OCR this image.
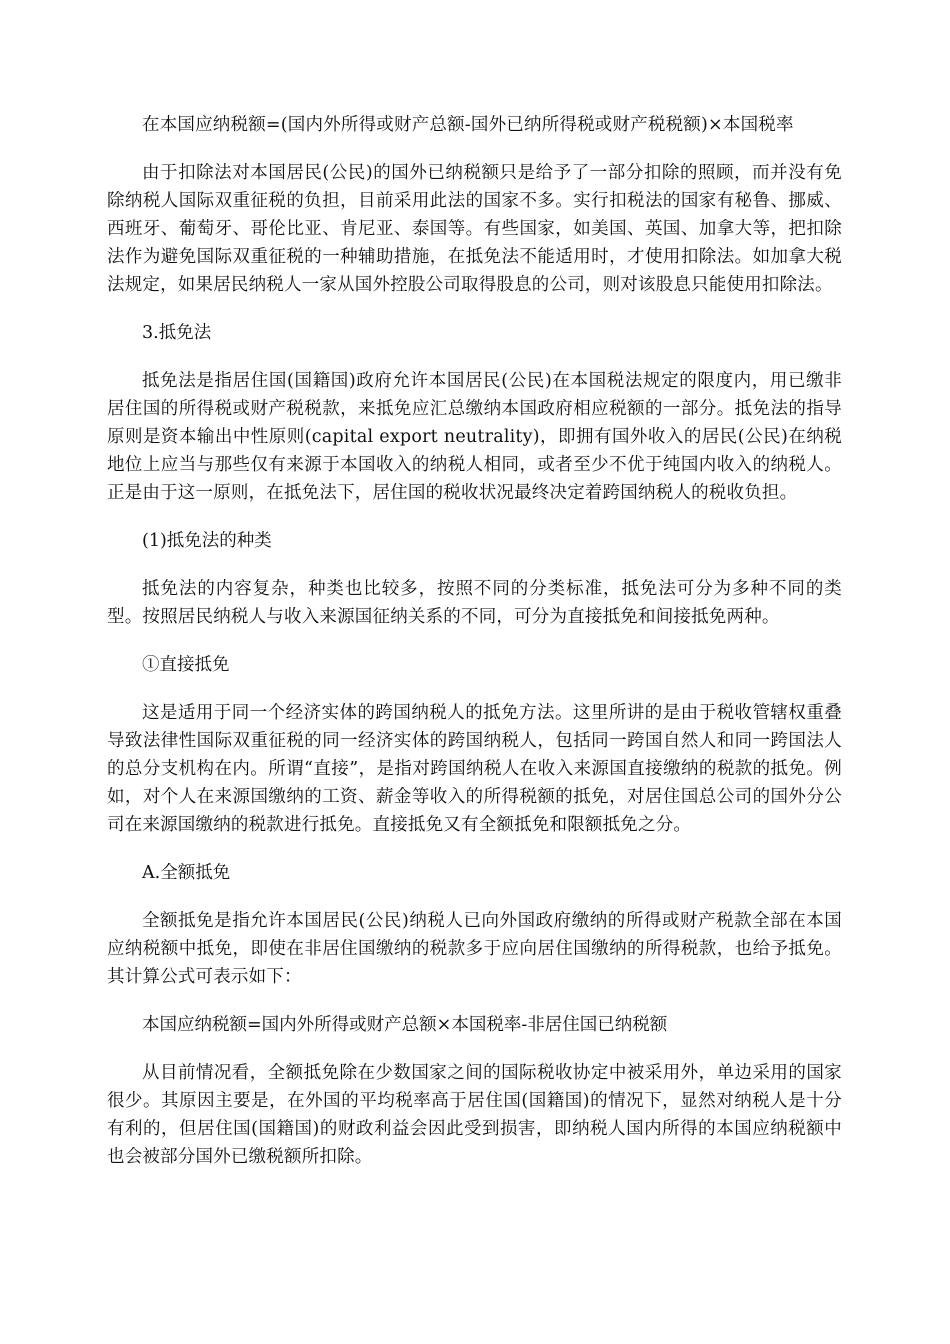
在本国应纳税额=(国内外所得或财产总额-国外已纳所得税或财产税税额)×本国税率

由于扣除法对本国居民(公民)的国外已纳税额只是给予了一部分扣除的照顾，而并没有免除纳税人国际双重征税的负担，目前采用此法的国家不多。实行扣税法的国家有秘鲁、挪威、西班牙、葡萄牙、哥伦比亚、肯尼亚、泰国等。有些国家，如美国、英国、加拿大等，把扣除法作为避免国际双重征税的一种辅助措施，在抵免法不能适用时，才使用扣除法。如加拿大税法规定，如果居民纳税人一家从国外控股公司取得股息的公司，则对该股息只能使用扣除法。

3.抵免法

抵免法是指居住国(国籍国)政府允许本国居民(公民)在本国税法规定的限度内，用已缴非居住国的所得税或财产税税款，来抵免应汇总缴纳本国政府相应税额的一部分。抵免法的指导原则是资本输出中性原则(capital export neutrality)，即拥有国外收入的居民(公民)在纳税地位上应当与那些仅有来源于本国收入的纳税人相同，或者至少不优于纯国内收入的纳税人。正是由于这一原则，在抵免法下，居住国的税收状况最终决定着跨国纳税人的税收负担。

(1)抵免法的种类

抵免法的内容复杂，种类也比较多，按照不同的分类标准，抵免法可分为多种不同的类型。按照居民纳税人与收入来源国征纳关系的不同，可分为直接抵免和间接抵免两种。

①直接抵免

这是适用于同一个经济实体的跨国纳税人的抵免方法。这里所讲的是由于税收管辖权重叠导致法律性国际双重征税的同一经济实体的跨国纳税人，包括同一跨国自然人和同一跨国法人的总分支机构在内。所谓“直接”，是指对跨国纳税人在收入来源国直接缴纳的税款的抵免。例如，对个人在来源国缴纳的工资、薪金等收入的所得税额的抵免，对居住国总公司的国外分公司在来源国缴纳的税款进行抵免。直接抵免又有全额抵免和限额抵免之分。

A.全额抵免

全额抵免是指允许本国居民(公民)纳税人已向外国政府缴纳的所得或财产税款全部在本国应纳税额中抵免，即使在非居住国缴纳的税款多于应向居住国缴纳的所得税款，也给予抵免。其计算公式可表示如下：

本国应纳税额=国内外所得或财产总额×本国税率-非居住国已纳税额

从目前情况看，全额抵免除在少数国家之间的国际税收协定中被采用外，单边采用的国家很少。其原因主要是，在外国的平均税率高于居住国(国籍国)的情况下，显然对纳税人是十分有利的，但居住国(国籍国)的财政利益会因此受到损害，即纳税人国内所得的本国应纳税额中也会被部分国外已缴税额所扣除。
